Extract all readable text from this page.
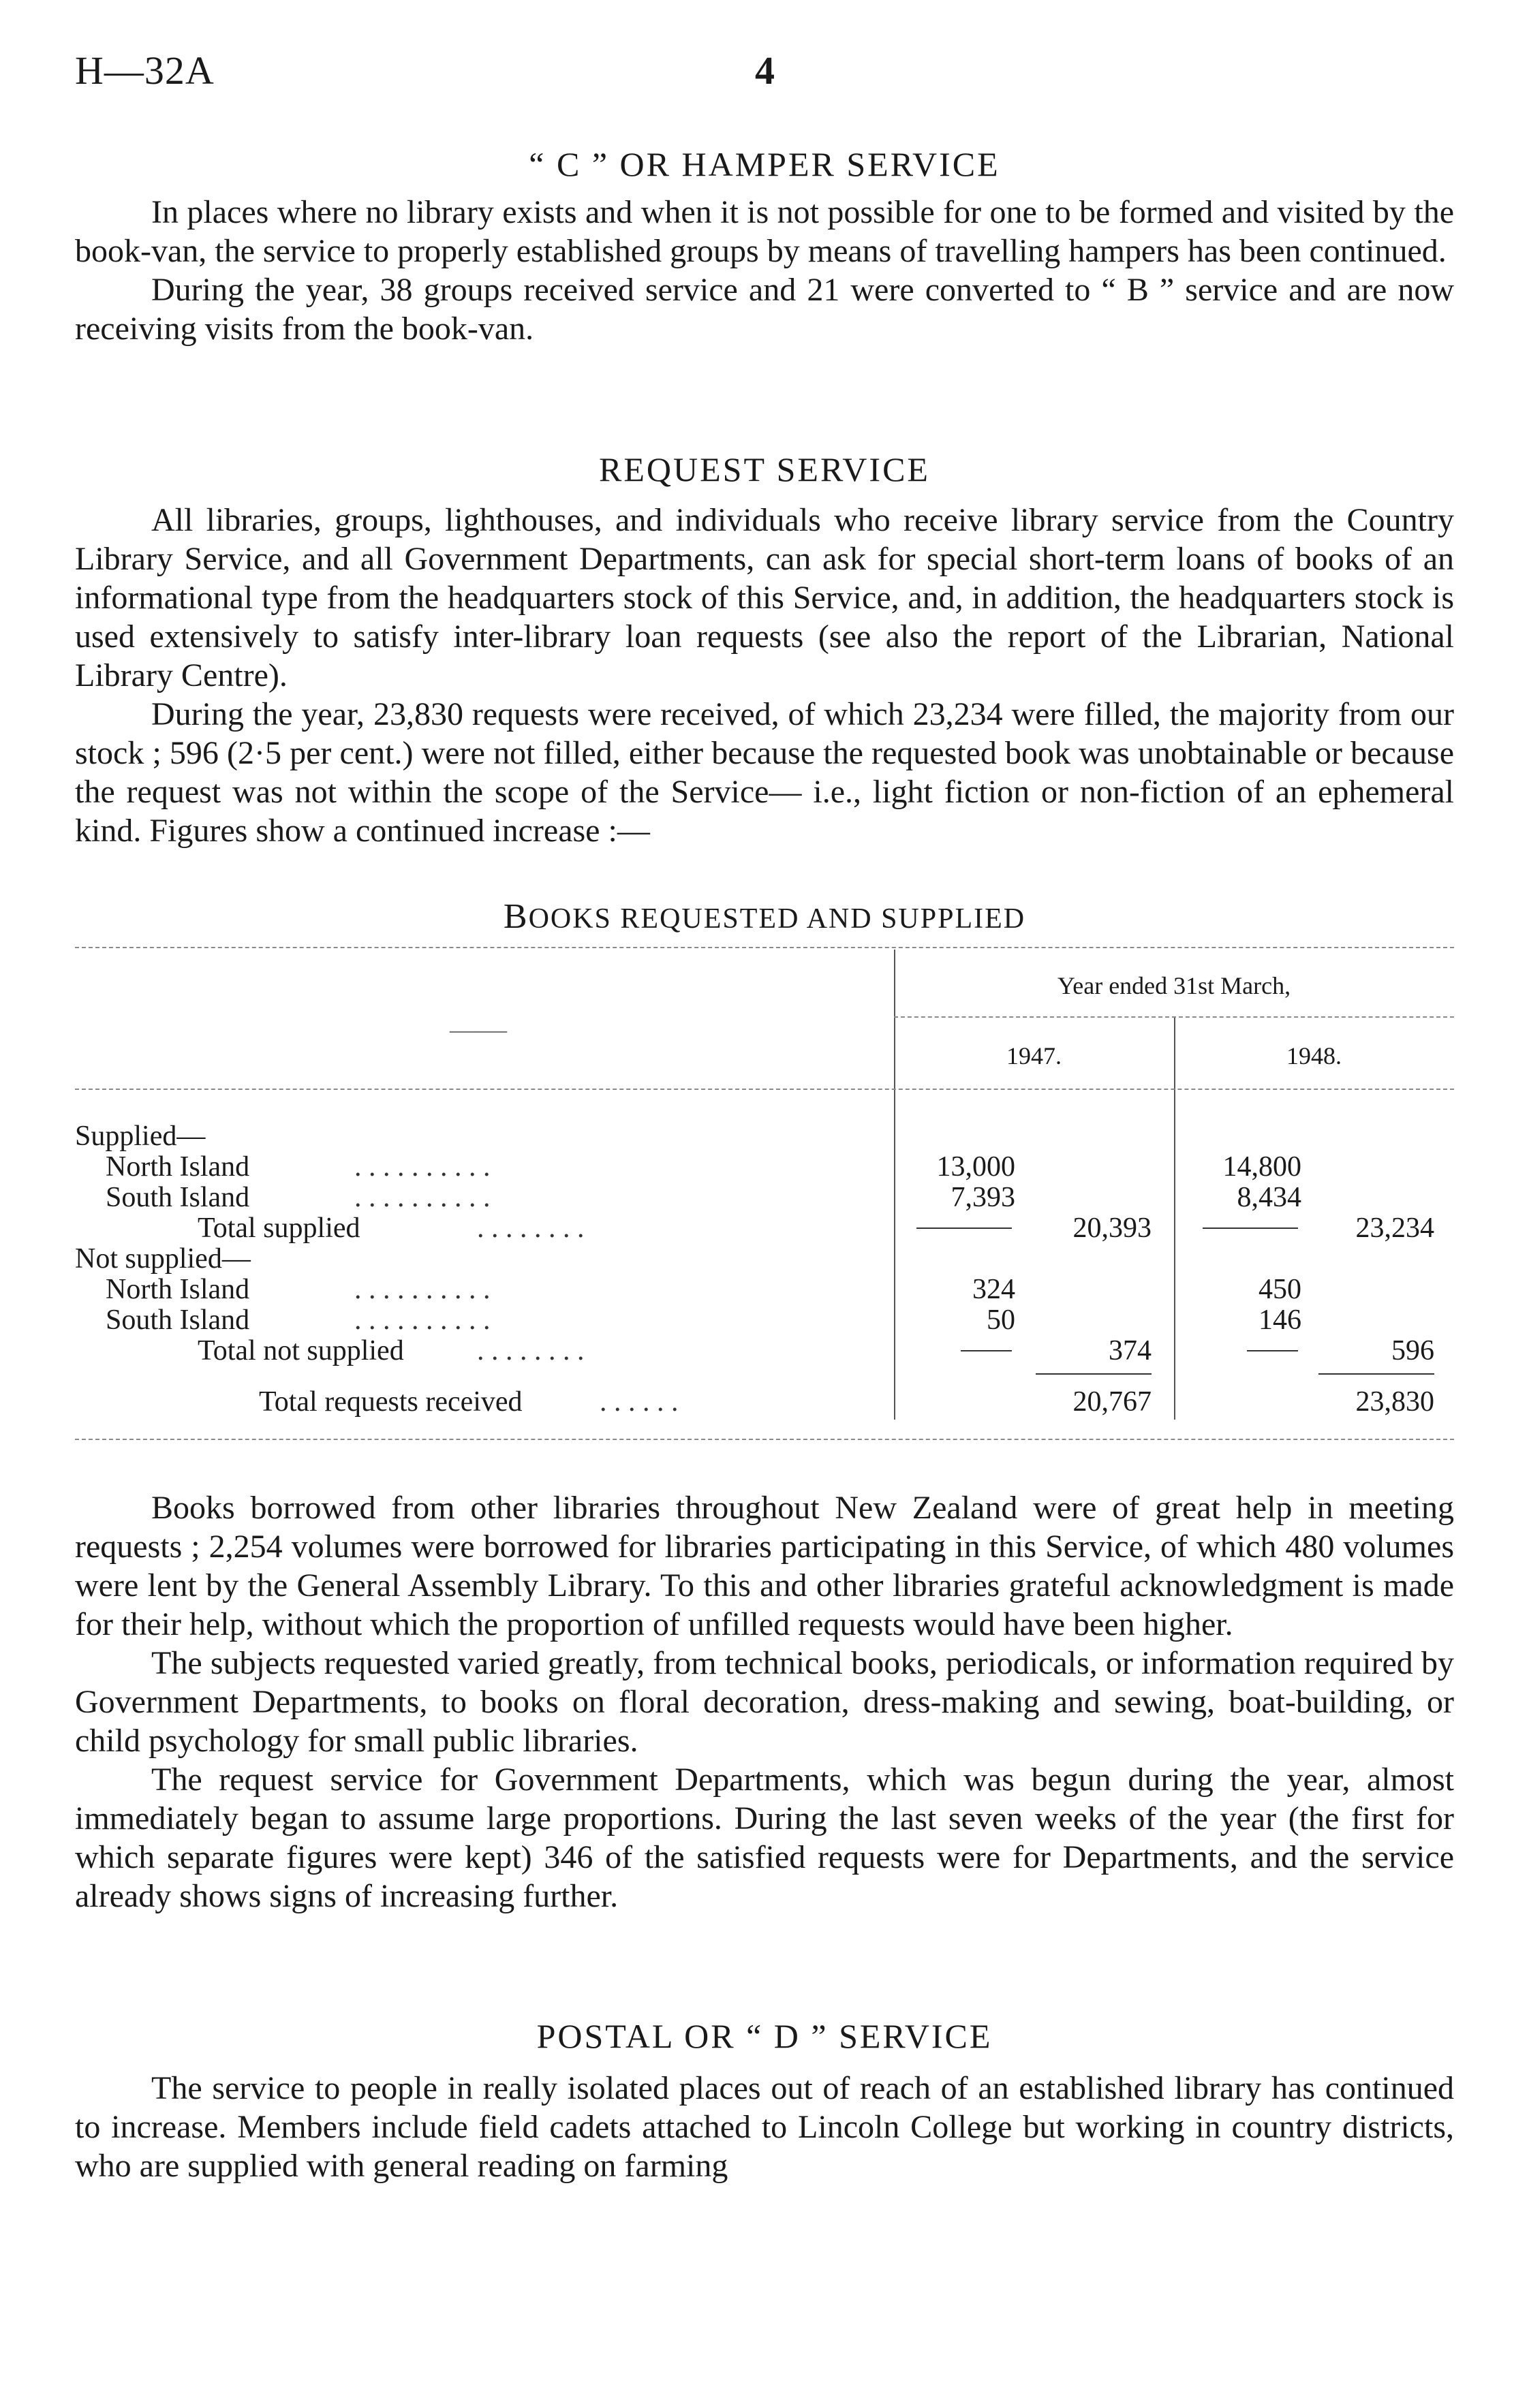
H—32A	4
“ C ” OR HAMPER SERVICE

In places where no library exists and when it is not possible for one to be formed and visited by the book-van, the service to properly established groups by means of travelling hampers has been continued.

During the year, 38 groups received service and 21 were converted to “ B ” service and are now receiving visits from the book-van.

REQUEST SERVICE

All libraries, groups, lighthouses, and individuals who receive library service from the Country Library Service, and all Government Departments, can ask for special short-term loans of books of an informational type from the headquarters stock of this Service, and, in addition, the headquarters stock is used extensively to satisfy inter-library loan requests (see also the report of the Librarian, National Library Centre).

During the year, 23,830 requests were received, of which 23,234 were filled, the majority from our stock ; 596 (2·5 per cent.) were not filled, either because the requested book was unobtainable or because the request was not within the scope of the Service— i.e., light fiction or non-fiction of an ephemeral kind. Figures show a continued increase :—

BOOKS REQUESTED AND SUPPLIED
——
Year ended 31st March,
1947.	1948.
Supplied—
North Island	. . . . . . . . . .	13,000	14,800
South Island	. . . . . . . . . .	7,393	8,434
Total supplied	. . . . . . . .	20,393	23,234
Not supplied—
North Island	. . . . . . . . . .	324	450
South Island	. . . . . . . . . .	50	146
Total not supplied	. . . . . . . .	374	596
Total requests received	. . . . . .	20,767	23,830

Books borrowed from other libraries throughout New Zealand were of great help in meeting requests ; 2,254 volumes were borrowed for libraries participating in this Service, of which 480 volumes were lent by the General Assembly Library. To this and other libraries grateful acknowledgment is made for their help, without which the proportion of unfilled requests would have been higher.

The subjects requested varied greatly, from technical books, periodicals, or information required by Government Departments, to books on floral decoration, dress-making and sewing, boat-building, or child psychology for small public libraries.

The request service for Government Departments, which was begun during the year, almost immediately began to assume large proportions. During the last seven weeks of the year (the first for which separate figures were kept) 346 of the satisfied requests were for Departments, and the service already shows signs of increasing further.

POSTAL OR “ D ” SERVICE

The service to people in really isolated places out of reach of an established library has continued to increase. Members include field cadets attached to Lincoln College but working in country districts, who are supplied with general reading on farming
